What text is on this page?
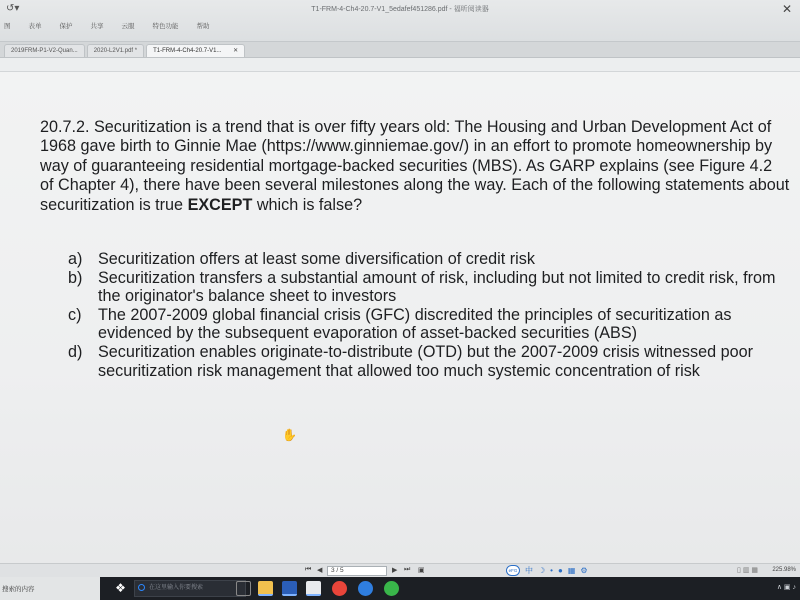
↺▾	T1-FRM-4-Ch4-20.7-V1_5edafef451286.pdf - 福昕阅读器	✕
图	表单	保护	共享	云服	特色功能	帮助
2019FRM-P1-V2-Quan...	2020-L2V1.pdf *	T1-FRM-4-Ch4-20.7-V1... ✕

20.7.2. Securitization is a trend that is over fifty years old: The Housing and Urban Development Act of 1968 gave birth to Ginnie Mae (https://www.ginniemae.gov/) in an effort to promote homeownership by way of guaranteeing residential mortgage-backed securities (MBS). As GARP explains (see Figure 4.2 of Chapter 4), there have been several milestones along the way. Each of the following statements about securitization is true EXCEPT which is false?

a) Securitization offers at least some diversification of credit risk
b) Securitization transfers a substantial amount of risk, including but not limited to credit risk, from the originator's balance sheet to investors
c)	The 2007-2009 global financial crisis (GFC) discredited the principles of securitization as evidenced by the subsequent evaporation of asset-backed securities (ABS)
d) Securitization enables originate-to-distribute (OTD) but the 2007-2009 crisis witnessed poor securitization risk management that allowed too much systemic concentration of risk
✋
⏮ ◀	3 / 5	▶ ⏭ ▣	eFG 中 ☽ • ● ▦ ⚙	▯ ▥ ▦ 225.98%
❖	在这里输入你要搜索	∧ ▣ ♪
搜索的内容
